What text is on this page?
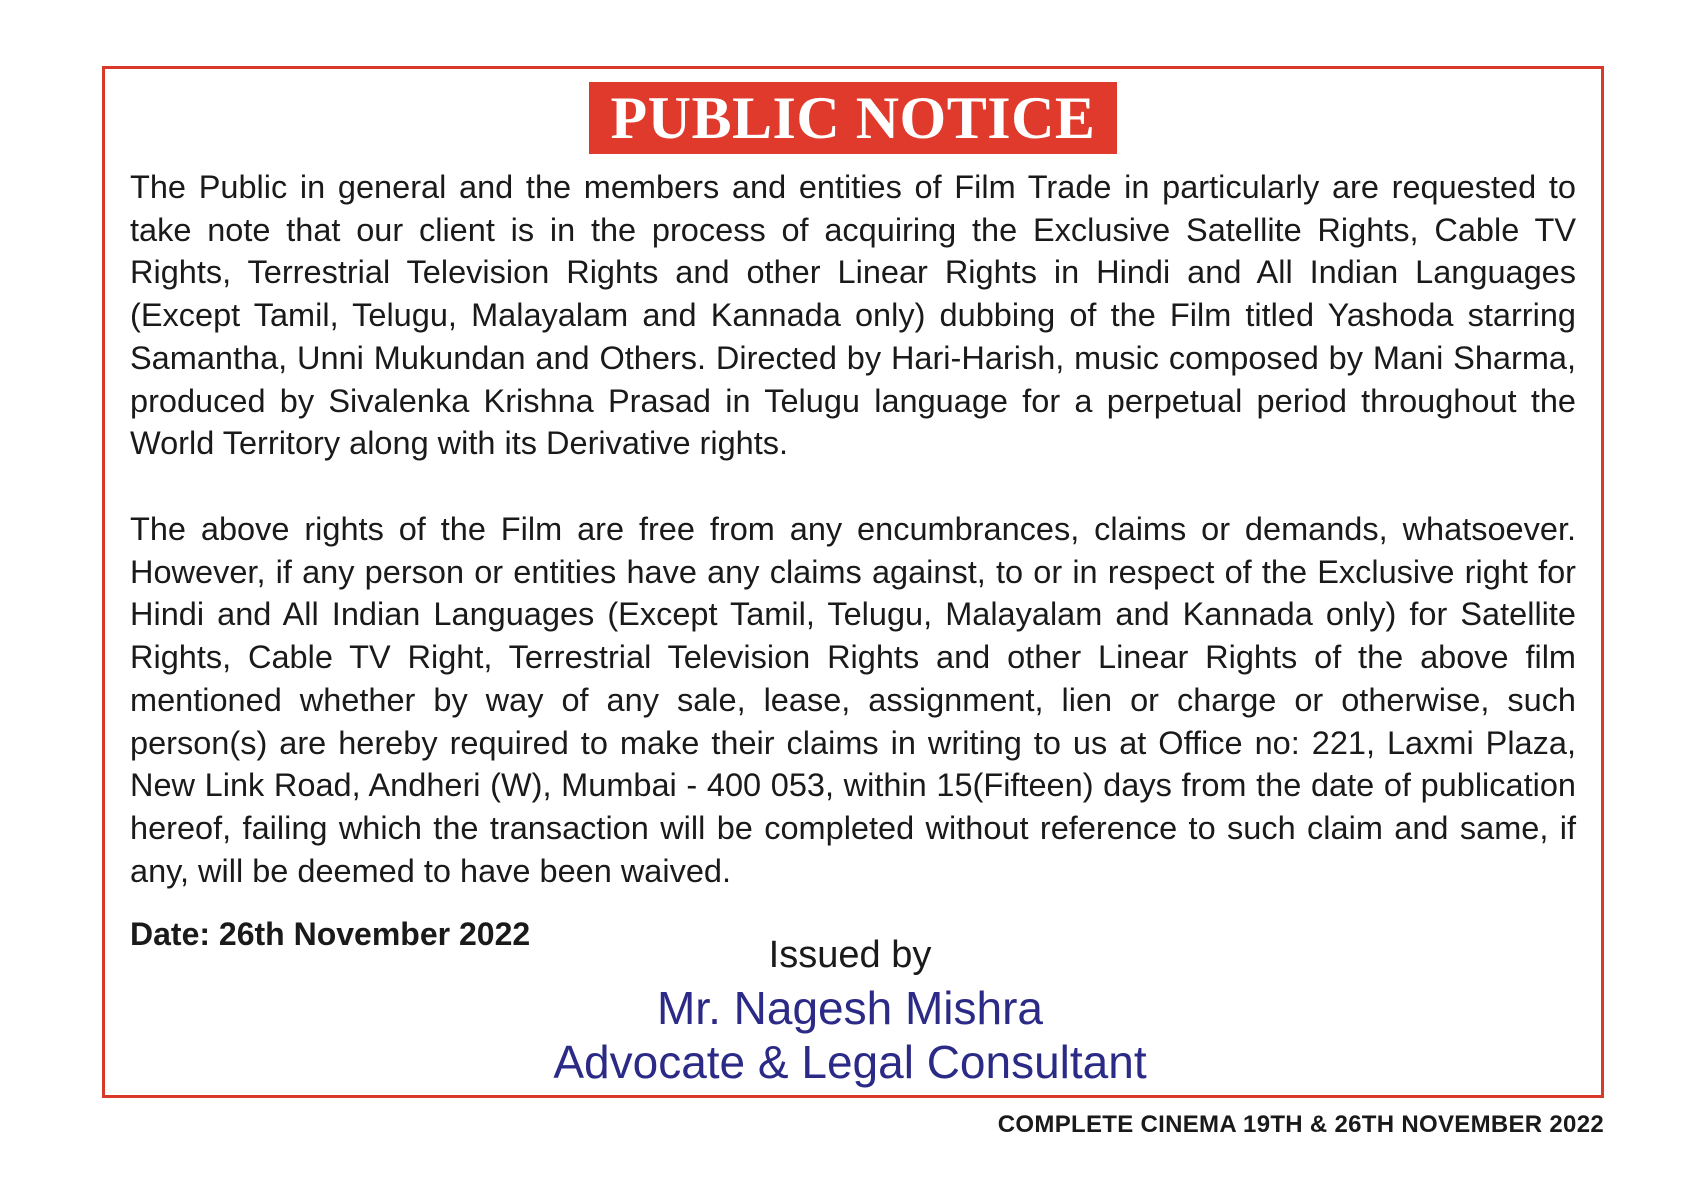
PUBLIC NOTICE
The Public in general and the members and entities of Film Trade in particularly are requested to take note that our client is in the process of acquiring the Exclusive Satellite Rights, Cable TV Rights, Terrestrial Television Rights and other Linear Rights in Hindi and All Indian Languages (Except Tamil, Telugu, Malayalam and Kannada only) dubbing of the Film titled Yashoda starring Samantha, Unni Mukundan and Others. Directed by Hari-Harish, music composed by Mani Sharma, produced by Sivalenka Krishna Prasad in Telugu language for a perpetual period throughout the World Territory along with its Derivative rights.
The above rights of the Film are free from any encumbrances, claims or demands, whatsoever. However, if any person or entities have any claims against, to or in respect of the Exclusive right for Hindi and All Indian Languages (Except Tamil, Telugu, Malayalam and Kannada only) for Satellite Rights, Cable TV Right, Terrestrial Television Rights and other Linear Rights of the above film mentioned whether by way of any sale, lease, assignment, lien or charge or otherwise, such person(s) are hereby required to make their claims in writing to us at Office no: 221, Laxmi Plaza, New Link Road, Andheri (W), Mumbai - 400 053, within 15(Fifteen) days from the date of publication hereof, failing which the transaction will be completed without reference to such claim and same, if any, will be deemed to have been waived.
Date: 26th November 2022	Issued by
Mr. Nagesh Mishra
Advocate & Legal Consultant
COMPLETE CINEMA 19TH & 26TH NOVEMBER 2022
